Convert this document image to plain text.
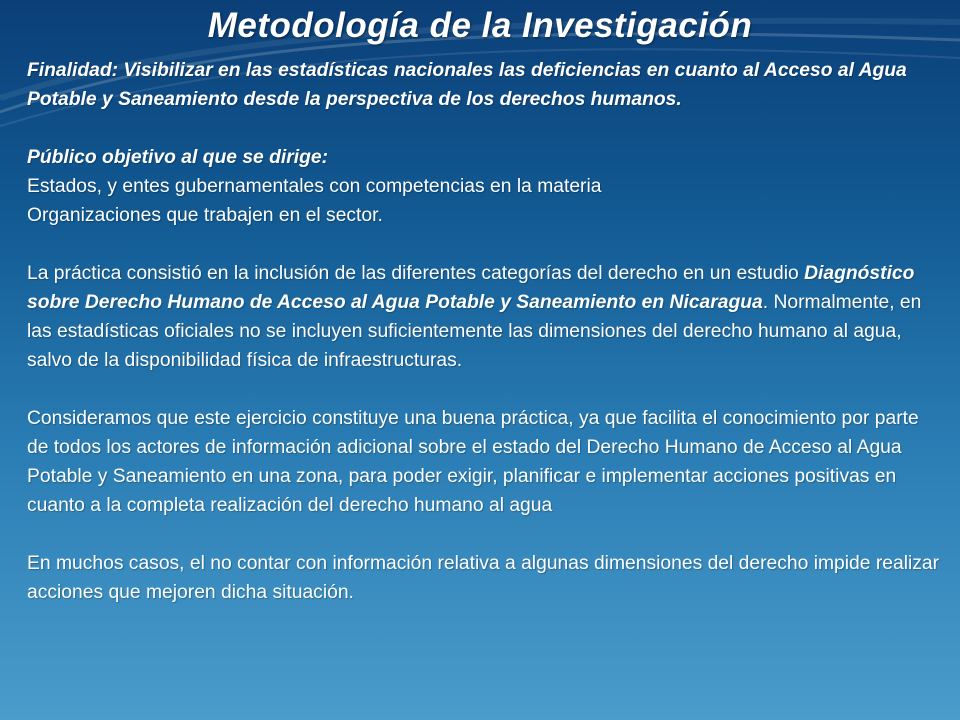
Metodología de la Investigación

Finalidad: Visibilizar en las estadísticas nacionales las deficiencias en cuanto al Acceso al Agua Potable y Saneamiento desde la perspectiva de los derechos humanos.

Público objetivo al que se dirige:

Estados, y entes gubernamentales con competencias en la materia

Organizaciones que trabajen en el sector.

La práctica consistió en la inclusión de las diferentes categorías del derecho en un estudio Diagnóstico sobre Derecho Humano de Acceso al Agua Potable y Saneamiento en Nicaragua. Normalmente, en las estadísticas oficiales no se incluyen suficientemente las dimensiones del derecho humano al agua, salvo de la disponibilidad física de infraestructuras.

Consideramos que este ejercicio constituye una buena práctica, ya que facilita el conocimiento por parte de todos los actores de información adicional sobre el estado del Derecho Humano de Acceso al Agua Potable y Saneamiento en una zona, para poder exigir, planificar e implementar acciones positivas en cuanto a la completa realización del derecho humano al agua

En muchos casos, el no contar con información relativa a algunas dimensiones del derecho impide realizar acciones que mejoren dicha situación.
